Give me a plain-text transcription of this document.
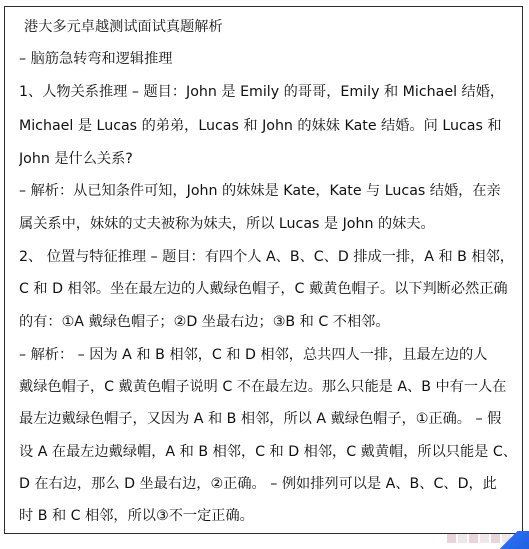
港大多元卓越测试面试真题解析
– 脑筋急转弯和逻辑推理
1、人物关系推理 – 题目：John 是 Emily 的哥哥，Emily 和 Michael 结婚，
Michael 是 Lucas 的弟弟，Lucas 和 John 的妹妹 Kate 结婚。问 Lucas 和
John 是什么关系?
– 解析：从已知条件可知，John 的妹妹是 Kate，Kate 与 Lucas 结婚，在亲
属关系中，妹妹的丈夫被称为妹夫，所以 Lucas 是 John 的妹夫。
2、 位置与特征推理 – 题目：有四个人 A、B、C、D 排成一排，A 和 B 相邻，
C 和 D 相邻。坐在最左边的人戴绿色帽子，C 戴黄色帽子。以下判断必然正确
的有：①A 戴绿色帽子；②D 坐最右边；③B 和 C 不相邻。
– 解析： – 因为 A 和 B 相邻，C 和 D 相邻，总共四人一排，且最左边的人
戴绿色帽子，C 戴黄色帽子说明 C 不在最左边。那么只能是 A、B 中有一人在
最左边戴绿色帽子，又因为 A 和 B 相邻，所以 A 戴绿色帽子，①正确。 – 假
设 A 在最左边戴绿帽，A 和 B 相邻，C 和 D 相邻，C 戴黄帽，所以只能是 C、
D 在右边，那么 D 坐最右边，②正确。 – 例如排列可以是 A、B、C、D，此
时 B 和 C 相邻，所以③不一定正确。
